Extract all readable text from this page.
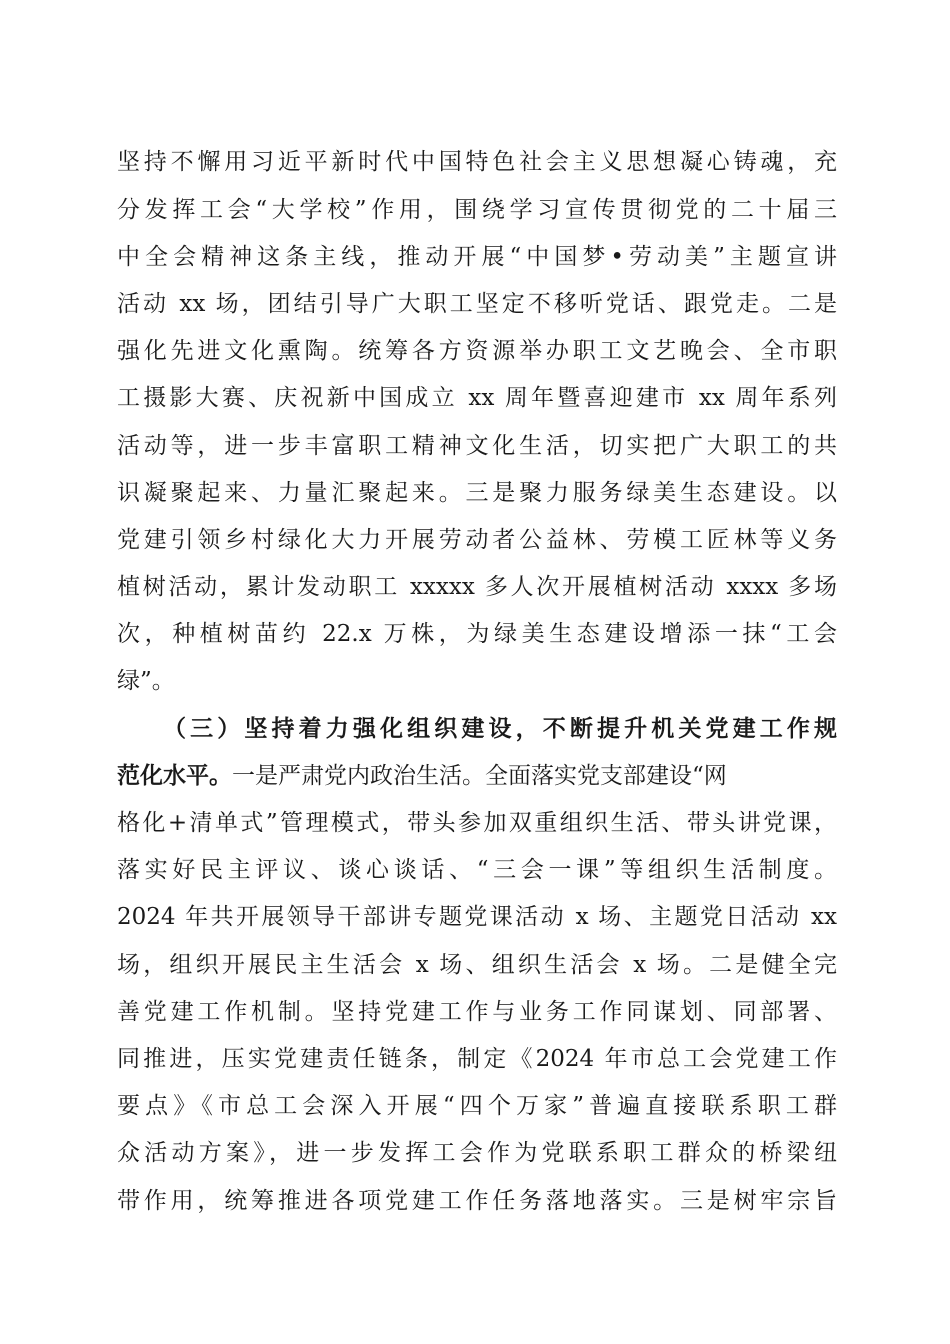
坚持不懈用习近平新时代中国特色社会主义思想凝心铸魂，充
分发挥工会“大学校”作用，围绕学习宣传贯彻党的二十届三
中全会精神这条主线，推动开展“中国梦•劳动美”主题宣讲
活动 xx 场，团结引导广大职工坚定不移听党话、跟党走。二是
强化先进文化熏陶。统筹各方资源举办职工文艺晚会、全市职
工摄影大赛、庆祝新中国成立 xx 周年暨喜迎建市 xx 周年系列
活动等，进一步丰富职工精神文化生活，切实把广大职工的共
识凝聚起来、力量汇聚起来。三是聚力服务绿美生态建设。以
党建引领乡村绿化大力开展劳动者公益林、劳模工匠林等义务
植树活动，累计发动职工 xxxxx 多人次开展植树活动 xxxx 多场
次，种植树苗约 22.x 万株，为绿美生态建设增添一抹“工会
绿”。
（三）坚持着力强化组织建设，不断提升机关党建工作规
范化水平。一是严肃党内政治生活。全面落实党支部建设“网
格化+清单式”管理模式，带头参加双重组织生活、带头讲党课，
落实好民主评议、谈心谈话、“三会一课”等组织生活制度。
2024 年共开展领导干部讲专题党课活动 x 场、主题党日活动 xx
场，组织开展民主生活会 x 场、组织生活会 x 场。二是健全完
善党建工作机制。坚持党建工作与业务工作同谋划、同部署、
同推进，压实党建责任链条，制定《2024 年市总工会党建工作
要点》《市总工会深入开展“四个万家”普遍直接联系职工群
众活动方案》，进一步发挥工会作为党联系职工群众的桥梁纽
带作用，统筹推进各项党建工作任务落地落实。三是树牢宗旨
